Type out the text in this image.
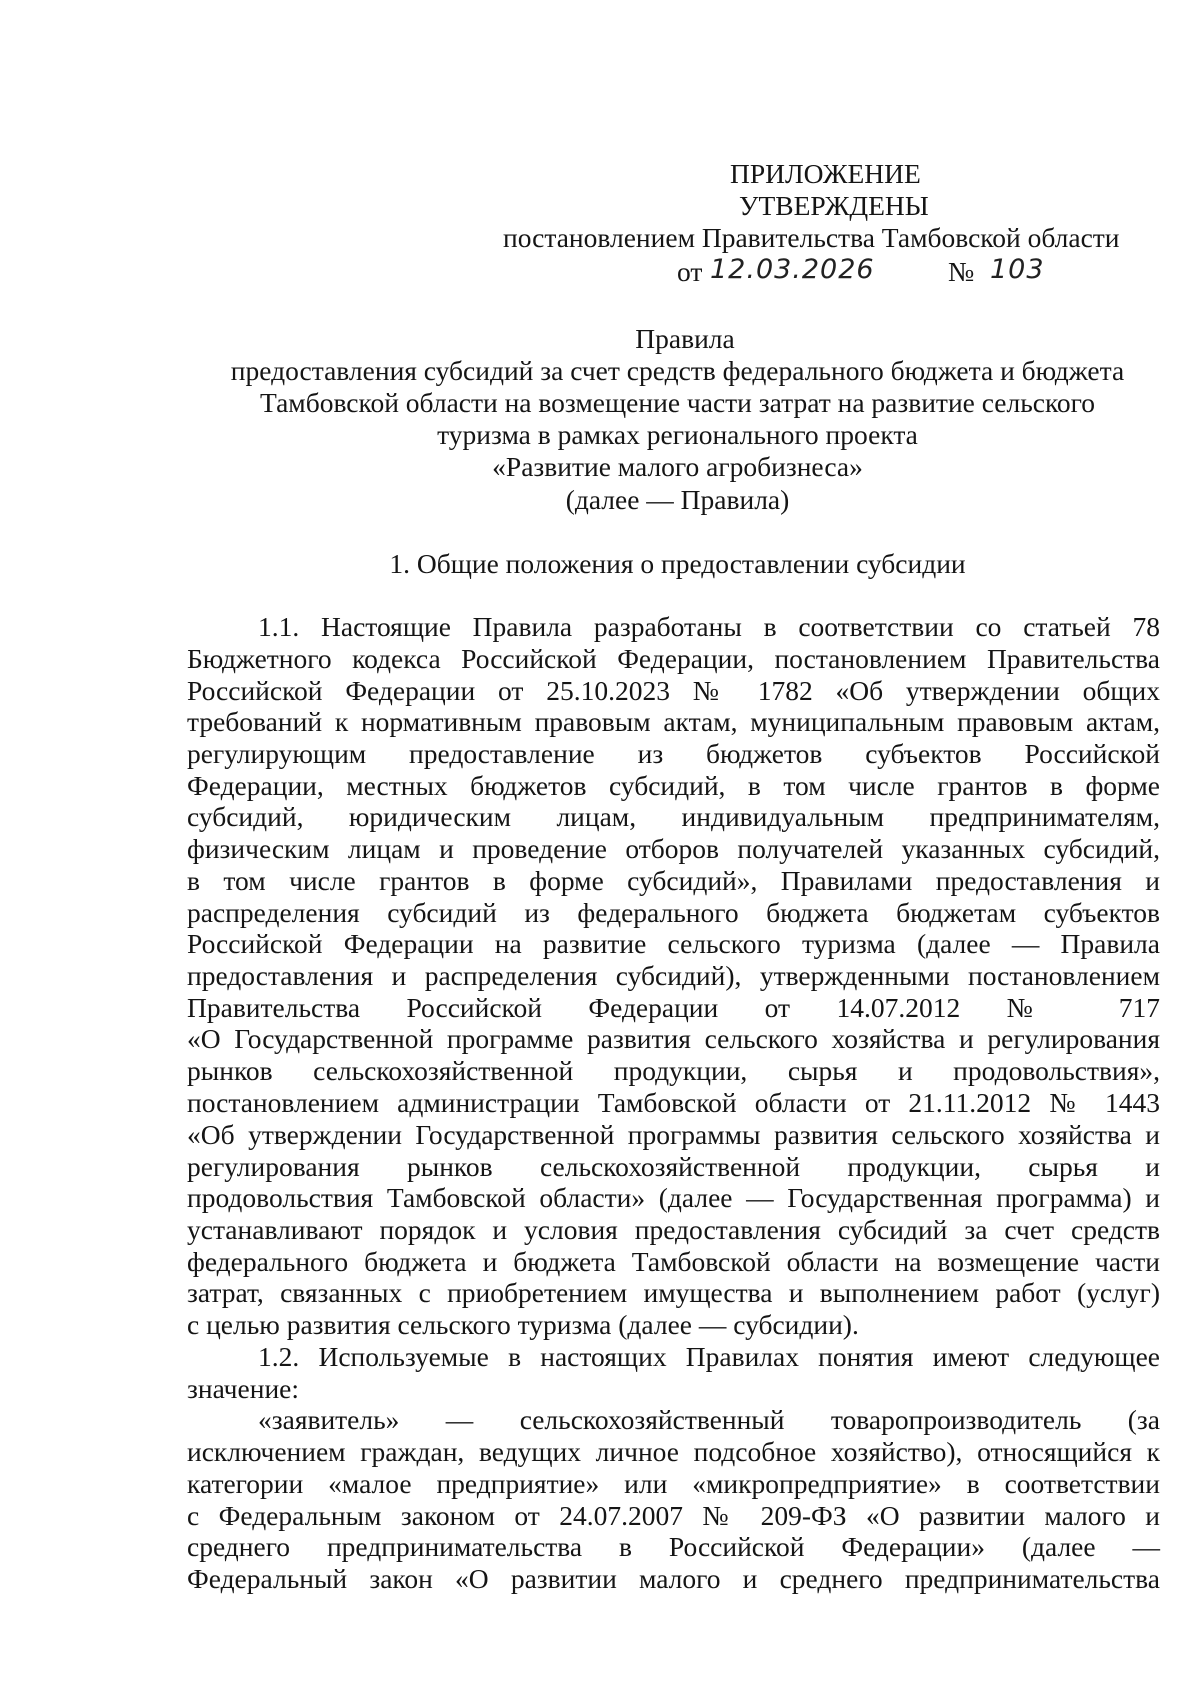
ПРИЛОЖЕНИЕ
УТВЕРЖДЕНЫ
постановлением Правительства Тамбовской области
от 12.03.2026	№ 103
Правила
предоставления субсидий за счет средств федерального бюджета и бюджета
Тамбовской области на возмещение части затрат на развитие сельского
туризма в рамках регионального проекта
«Развитие малого агробизнеса»
(далее — Правила)
1. Общие положения о предоставлении субсидии
1.1. Настоящие Правила разработаны в соответствии со статьей 78
Бюджетного кодекса Российской Федерации, постановлением Правительства
Российской Федерации от 25.10.2023 № 1782 «Об утверждении общих
требований к нормативным правовым актам, муниципальным правовым актам,
регулирующим предоставление из бюджетов субъектов Российской
Федерации, местных бюджетов субсидий, в том числе грантов в форме
субсидий, юридическим лицам, индивидуальным предпринимателям,
физическим лицам и проведение отборов получателей указанных субсидий,
в том числе грантов в форме субсидий», Правилами предоставления и
распределения субсидий из федерального бюджета бюджетам субъектов
Российской Федерации на развитие сельского туризма (далее — Правила
предоставления и распределения субсидий), утвержденными постановлением
Правительства Российской Федерации от 14.07.2012 № 717
«О Государственной программе развития сельского хозяйства и регулирования
рынков сельскохозяйственной продукции, сырья и продовольствия»,
постановлением администрации Тамбовской области от 21.11.2012 № 1443
«Об утверждении Государственной программы развития сельского хозяйства и
регулирования рынков сельскохозяйственной продукции, сырья и
продовольствия Тамбовской области» (далее — Государственная программа) и
устанавливают порядок и условия предоставления субсидий за счет средств
федерального бюджета и бюджета Тамбовской области на возмещение части
затрат, связанных с приобретением имущества и выполнением работ (услуг)
с целью развития сельского туризма (далее — субсидии).
1.2. Используемые в настоящих Правилах понятия имеют следующее
значение:
«заявитель» — сельскохозяйственный товаропроизводитель (за
исключением граждан, ведущих личное подсобное хозяйство), относящийся к
категории «малое предприятие» или «микропредприятие» в соответствии
с Федеральным законом от 24.07.2007 № 209-ФЗ «О развитии малого и
среднего предпринимательства в Российской Федерации» (далее —
Федеральный закон «О развитии малого и среднего предпринимательства
